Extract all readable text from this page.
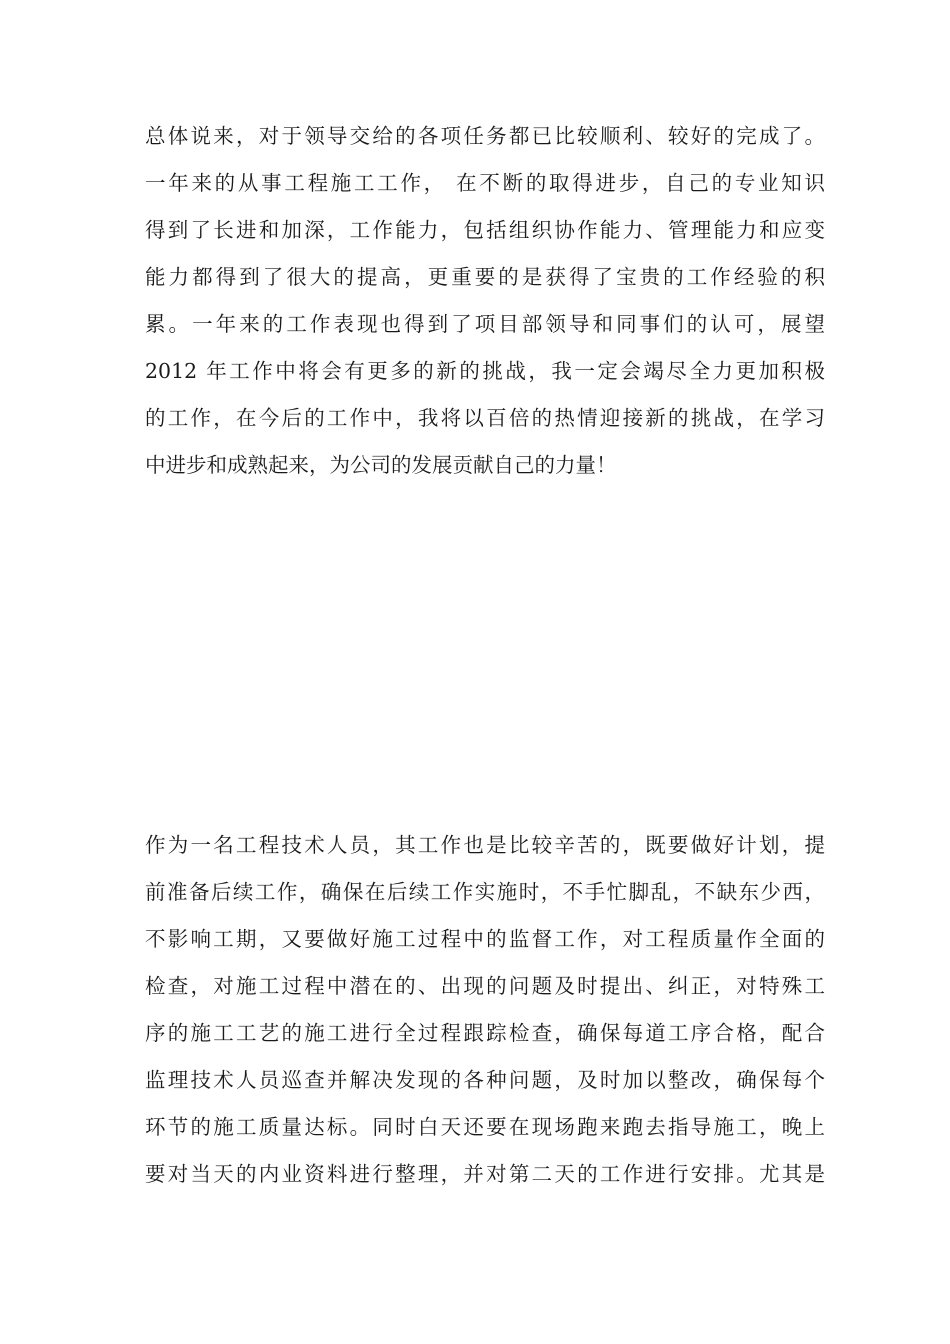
总体说来，对于领导交给的各项任务都已比较顺利、较好的完成了。
一年来的从事工程施工工作， 在不断的取得进步，自己的专业知识
得到了长进和加深，工作能力，包括组织协作能力、管理能力和应变
能力都得到了很大的提高，更重要的是获得了宝贵的工作经验的积
累。一年来的工作表现也得到了项目部领导和同事们的认可，展望
2012 年工作中将会有更多的新的挑战，我一定会竭尽全力更加积极
的工作，在今后的工作中，我将以百倍的热情迎接新的挑战，在学习
中进步和成熟起来，为公司的发展贡献自己的力量！
作为一名工程技术人员，其工作也是比较辛苦的，既要做好计划，提
前准备后续工作，确保在后续工作实施时，不手忙脚乱，不缺东少西，
不影响工期，又要做好施工过程中的监督工作，对工程质量作全面的
检查，对施工过程中潜在的、出现的问题及时提出、纠正，对特殊工
序的施工工艺的施工进行全过程跟踪检查，确保每道工序合格，配合
监理技术人员巡查并解决发现的各种问题，及时加以整改，确保每个
环节的施工质量达标。同时白天还要在现场跑来跑去指导施工，晚上
要对当天的内业资料进行整理，并对第二天的工作进行安排。尤其是
